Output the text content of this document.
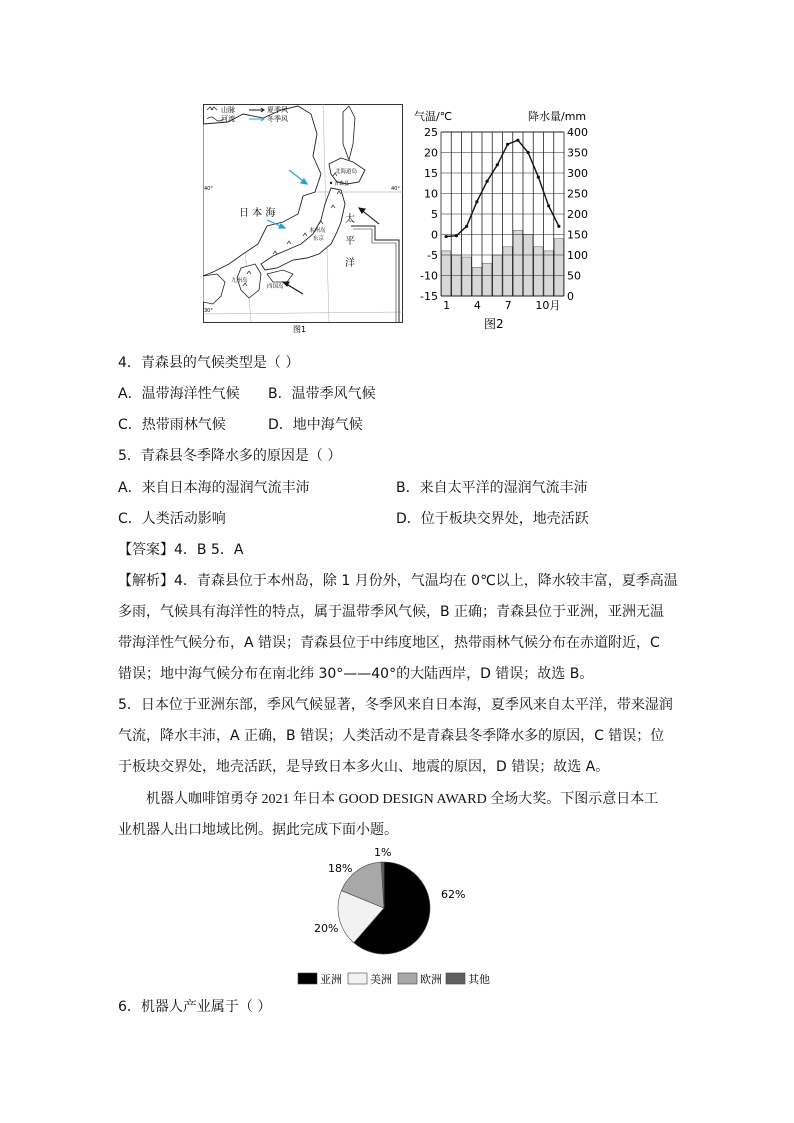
山脉
河流
夏季风
冬季风
北海道岛
青森县
日 本 海
本州岛
东京
四国岛
九州岛
太
平
洋
40°	40°
30°
图1
气温/℃	降水量/mm
25
20
15
10
5
0
-5
-10
-15
400
350
300
250
200
150
100
50
0
1 4 7 10月
图2
4．青森县的气候类型是（ ）
A．温带海洋性气候 B．温带季风气候
C．热带雨林气候	D．地中海气候
5．青森县冬季降水多的原因是（ ）
A．来自日本海的湿润气流丰沛	B．来自太平洋的湿润气流丰沛
C．人类活动影响	D．位于板块交界处，地壳活跃
【答案】4．B 5．A
【解析】4．青森县位于本州岛，除 1 月份外，气温均在 0℃以上，降水较丰富，夏季高温
多雨，气候具有海洋性的特点，属于温带季风气候，B 正确；青森县位于亚洲，亚洲无温
带海洋性气候分布，A 错误；青森县位于中纬度地区，热带雨林气候分布在赤道附近，C
错误；地中海气候分布在南北纬 30°——40°的大陆西岸，D 错误；故选 B。
5．日本位于亚洲东部，季风气候显著，冬季风来自日本海，夏季风来自太平洋，带来湿润
气流，降水丰沛，A 正确，B 错误；人类活动不是青森县冬季降水多的原因，C 错误；位
于板块交界处，地壳活跃，是导致日本多火山、地震的原因，D 错误；故选 A。
机器人咖啡馆勇夺 2021 年日本 GOOD DESIGN AWARD 全场大奖。下图示意日本工
业机器人出口地域比例。据此完成下面小题。
62%
20%
18%
1%
亚洲	美洲	欧洲 其他
6．机器人产业属于（ ）
